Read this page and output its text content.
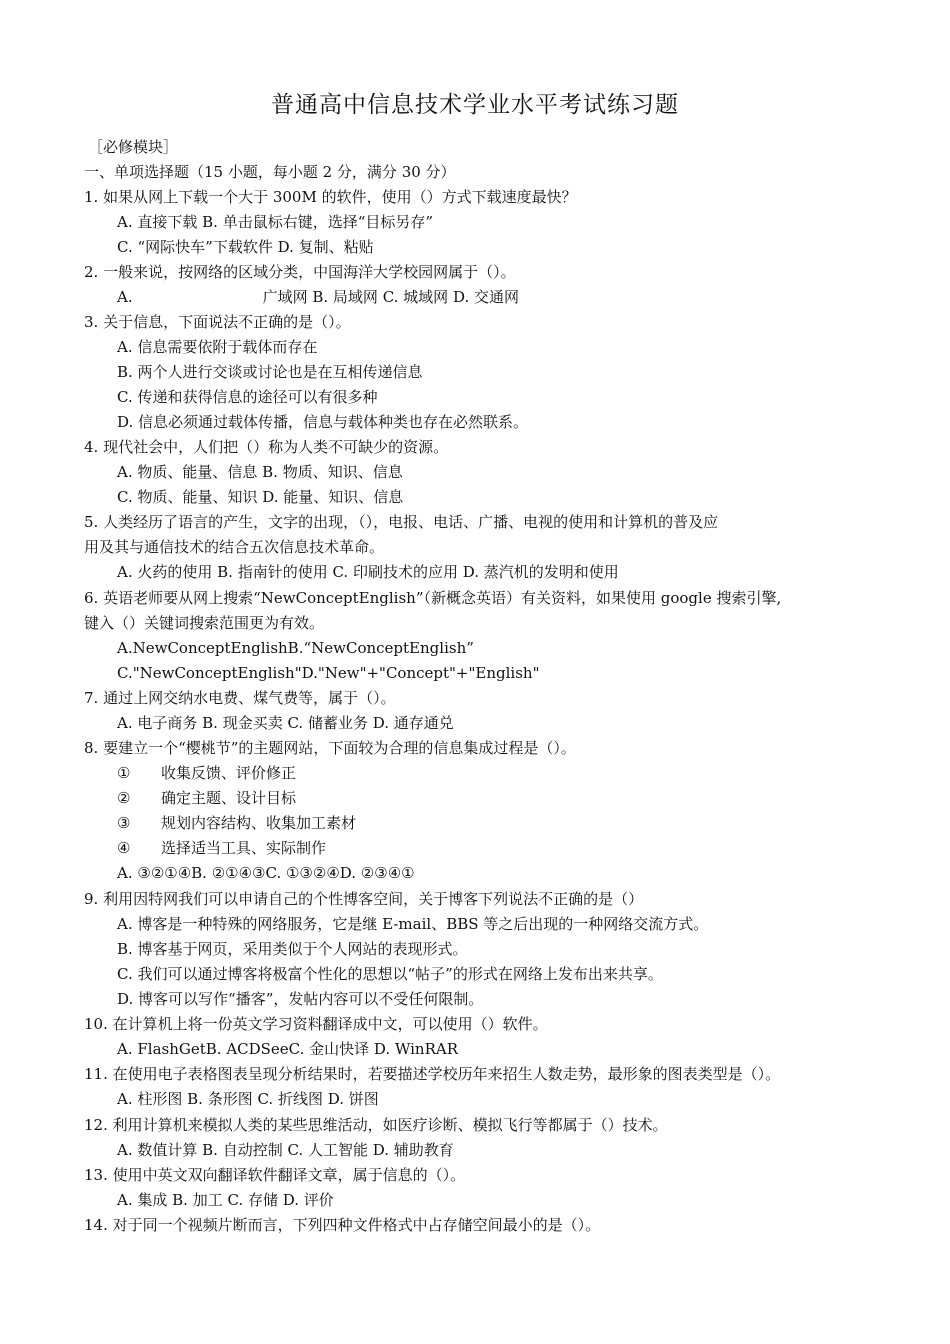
普通高中信息技术学业水平考试练习题
［必修模块］
一、单项选择题（15 小题，每小题 2 分，满分 30 分）
1. 如果从网上下载一个大于 300M 的软件，使用（）方式下载速度最快？
A. 直接下载 B. 单击鼠标右键，选择“目标另存”
C. “网际快车”下载软件 D. 复制、粘贴
2. 一般来说，按网络的区域分类，中国海洋大学校园网属于（）。
A.	广域网 B. 局域网 C. 城域网 D. 交通网
3. 关于信息，下面说法不正确的是（）。
A. 信息需要依附于载体而存在
B. 两个人进行交谈或讨论也是在互相传递信息
C. 传递和获得信息的途径可以有很多种
D. 信息必须通过载体传播，信息与载体种类也存在必然联系。
4. 现代社会中，人们把（）称为人类不可缺少的资源。
A. 物质、能量、信息 B. 物质、知识、信息
C. 物质、能量、知识 D. 能量、知识、信息
5. 人类经历了语言的产生，文字的出现，（），电报、电话、广播、电视的使用和计算机的普及应
用及其与通信技术的结合五次信息技术革命。
A. 火药的使用 B. 指南针的使用 C. 印刷技术的应用 D. 蒸汽机的发明和使用
6. 英语老师要从网上搜索“NewConceptEnglish”（新概念英语）有关资料，如果使用 google 搜索引擎,
键入（）关键词搜索范围更为有效。
A.NewConceptEnglishB.“NewConceptEnglish”
C."NewConceptEnglish"D."New"+"Concept"+"English"
7. 通过上网交纳水电费、煤气费等，属于（）。
A. 电子商务 B. 现金买卖 C. 储蓄业务 D. 通存通兑
8. 要建立一个“樱桃节”的主题网站，下面较为合理的信息集成过程是（）。
① 收集反馈、评价修正
② 确定主题、设计目标
③ 规划内容结构、收集加工素材
④ 选择适当工具、实际制作
A. ③②①④B. ②①④③C. ①③②④D. ②③④①
9. 利用因特网我们可以申请自己的个性博客空间，关于博客下列说法不正确的是（）
A. 博客是一种特殊的网络服务，它是继 E-mail、BBS 等之后出现的一种网络交流方式。
B. 博客基于网页，采用类似于个人网站的表现形式。
C. 我们可以通过博客将极富个性化的思想以“帖子”的形式在网络上发布出来共享。
D. 博客可以写作“播客”，发帖内容可以不受任何限制。
10. 在计算机上将一份英文学习资料翻译成中文，可以使用（）软件。
A. FlashGetB. ACDSeeC. 金山快译 D. WinRAR
11. 在使用电子表格图表呈现分析结果时，若要描述学校历年来招生人数走势，最形象的图表类型是（）。
A. 柱形图 B. 条形图 C. 折线图 D. 饼图
12. 利用计算机来模拟人类的某些思维活动，如医疗诊断、模拟飞行等都属于（）技术。
A. 数值计算 B. 自动控制 C. 人工智能 D. 辅助教育
13. 使用中英文双向翻译软件翻译文章，属于信息的（）。
A. 集成 B. 加工 C. 存储 D. 评价
14. 对于同一个视频片断而言，下列四种文件格式中占存储空间最小的是（）。
